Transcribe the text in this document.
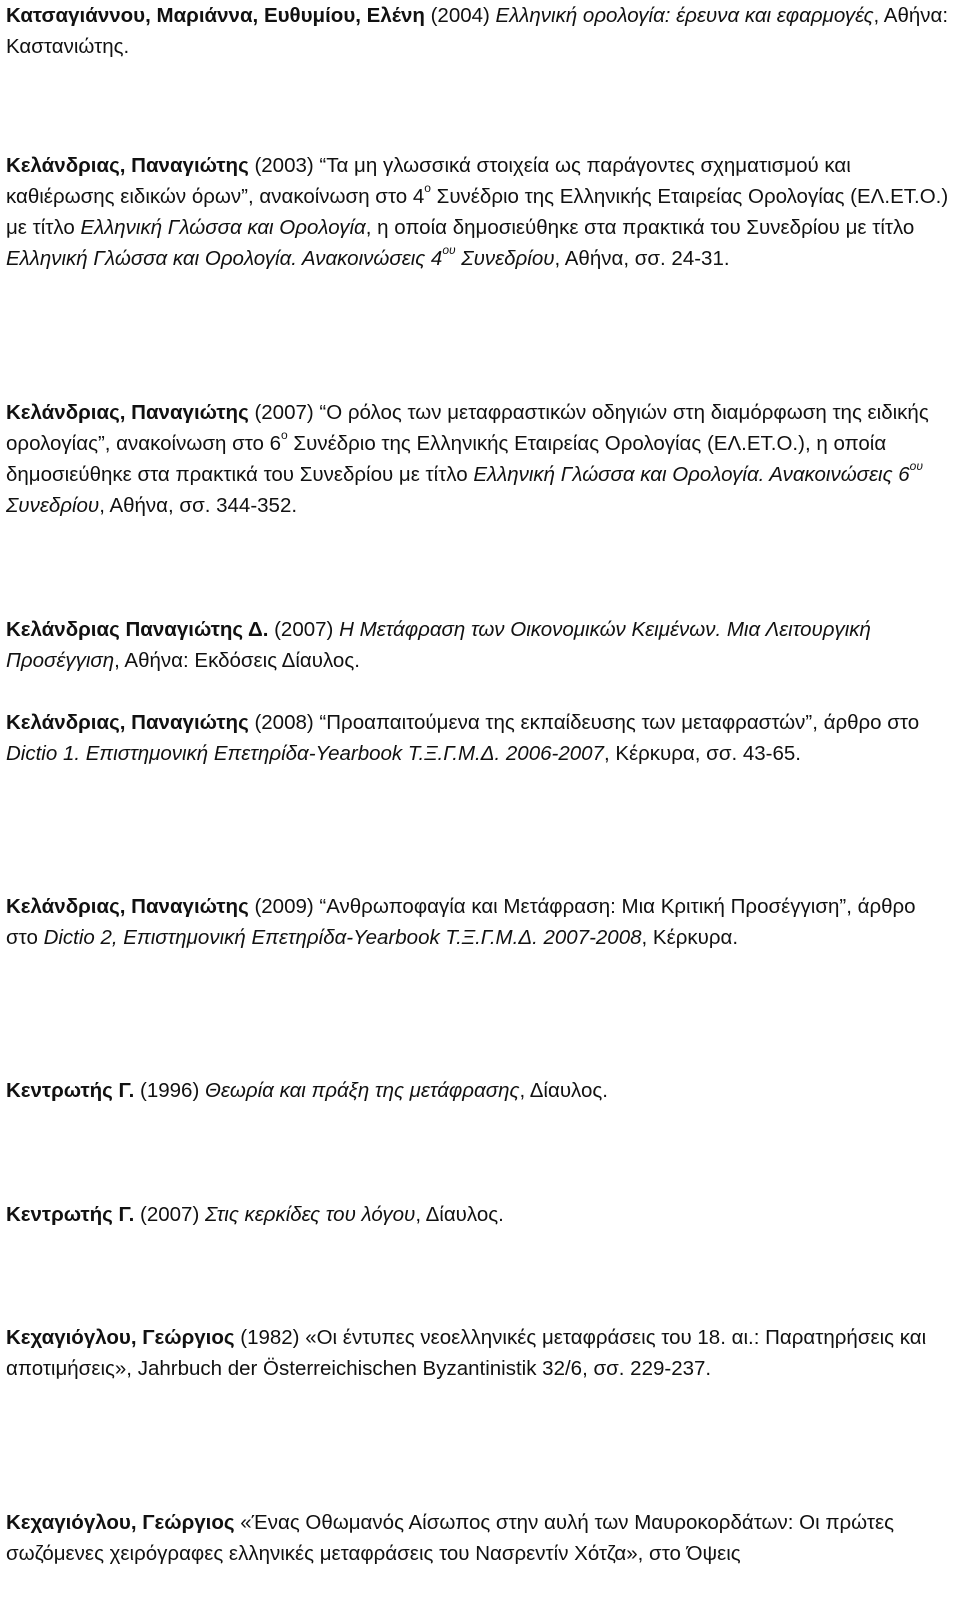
Κατσαγιάννου, Μαριάννα, Ευθυμίου, Ελένη (2004) Ελληνική ορολογία: έρευνα και εφαρμογές, Αθήνα: Καστανιώτης.

Κελάνδριας, Παναγιώτης (2003) “Τα μη γλωσσικά στοιχεία ως παράγοντες σχηματισμού και καθιέρωσης ειδικών όρων”, ανακοίνωση στο $4^o$ Συνέδριο της Ελληνικής Εταιρείας Ορολογίας (ΕΛ.ΕΤ.Ο.) με τίτλο Ελληνική Γλώσσα και Ορολογία, η οποία δημοσιεύθηκε στα πρακτικά του Συνεδρίου με τίτλο Ελληνική Γλώσσα και Ορολογία. Ανακοινώσεις $4^{o\upsilon}$ Συνεδρίου, Αθήνα, σσ. 24-31.

Κελάνδριας, Παναγιώτης (2007) “Ο ρόλος των μεταφραστικών οδηγιών στη διαμόρφωση της ειδικής ορολογίας”, ανακοίνωση στο $6^o$ Συνέδριο της Ελληνικής Εταιρείας Ορολογίας (ΕΛ.ΕΤ.Ο.), η οποία δημοσιεύθηκε στα πρακτικά του Συνεδρίου με τίτλο Ελληνική Γλώσσα και Ορολογία. Ανακοινώσεις $6^{o\upsilon}$ Συνεδρίου, Αθήνα, σσ. 344-352.

Κελάνδριας Παναγιώτης Δ. (2007) Η Μετάφραση των Οικονομικών Κειμένων. Μια Λειτουργική Προσέγγιση, Αθήνα: Εκδόσεις Δίαυλος.

Κελάνδριας, Παναγιώτης (2008) “Προαπαιτούμενα της εκπαίδευσης των μεταφραστών”, άρθρο στο Dictio 1. Επιστημονική Επετηρίδα-Yearbook Τ.Ξ.Γ.Μ.Δ. 2006-2007, Κέρκυρα, σσ. 43-65.

Κελάνδριας, Παναγιώτης (2009) “Ανθρωποφαγία και Μετάφραση: Μια Κριτική Προσέγγιση”, άρθρο στο Dictio 2, Επιστημονική Επετηρίδα-Yearbook Τ.Ξ.Γ.Μ.Δ. 2007-2008, Κέρκυρα.

Κεντρωτής Γ. (1996) Θεωρία και πράξη της μετάφρασης, Δίαυλος.

Κεντρωτής Γ. (2007) Στις κερκίδες του λόγου, Δίαυλος.

Κεχαγιόγλου, Γεώργιος (1982) «Οι έντυπες νεοελληνικές μεταφράσεις του 18. αι.: Παρατηρήσεις και αποτιμήσεις», Jahrbuch der Österreichischen Byzantinistik 32/6, σσ. 229-237.

Κεχαγιόγλου, Γεώργιος «Ένας Οθωμανός Αίσωπος στην αυλή των Μαυροκορδάτων: Οι πρώτες σωζόμενες χειρόγραφες ελληνικές μεταφράσεις του Νασρεντίν Χότζα», στο Όψεις
